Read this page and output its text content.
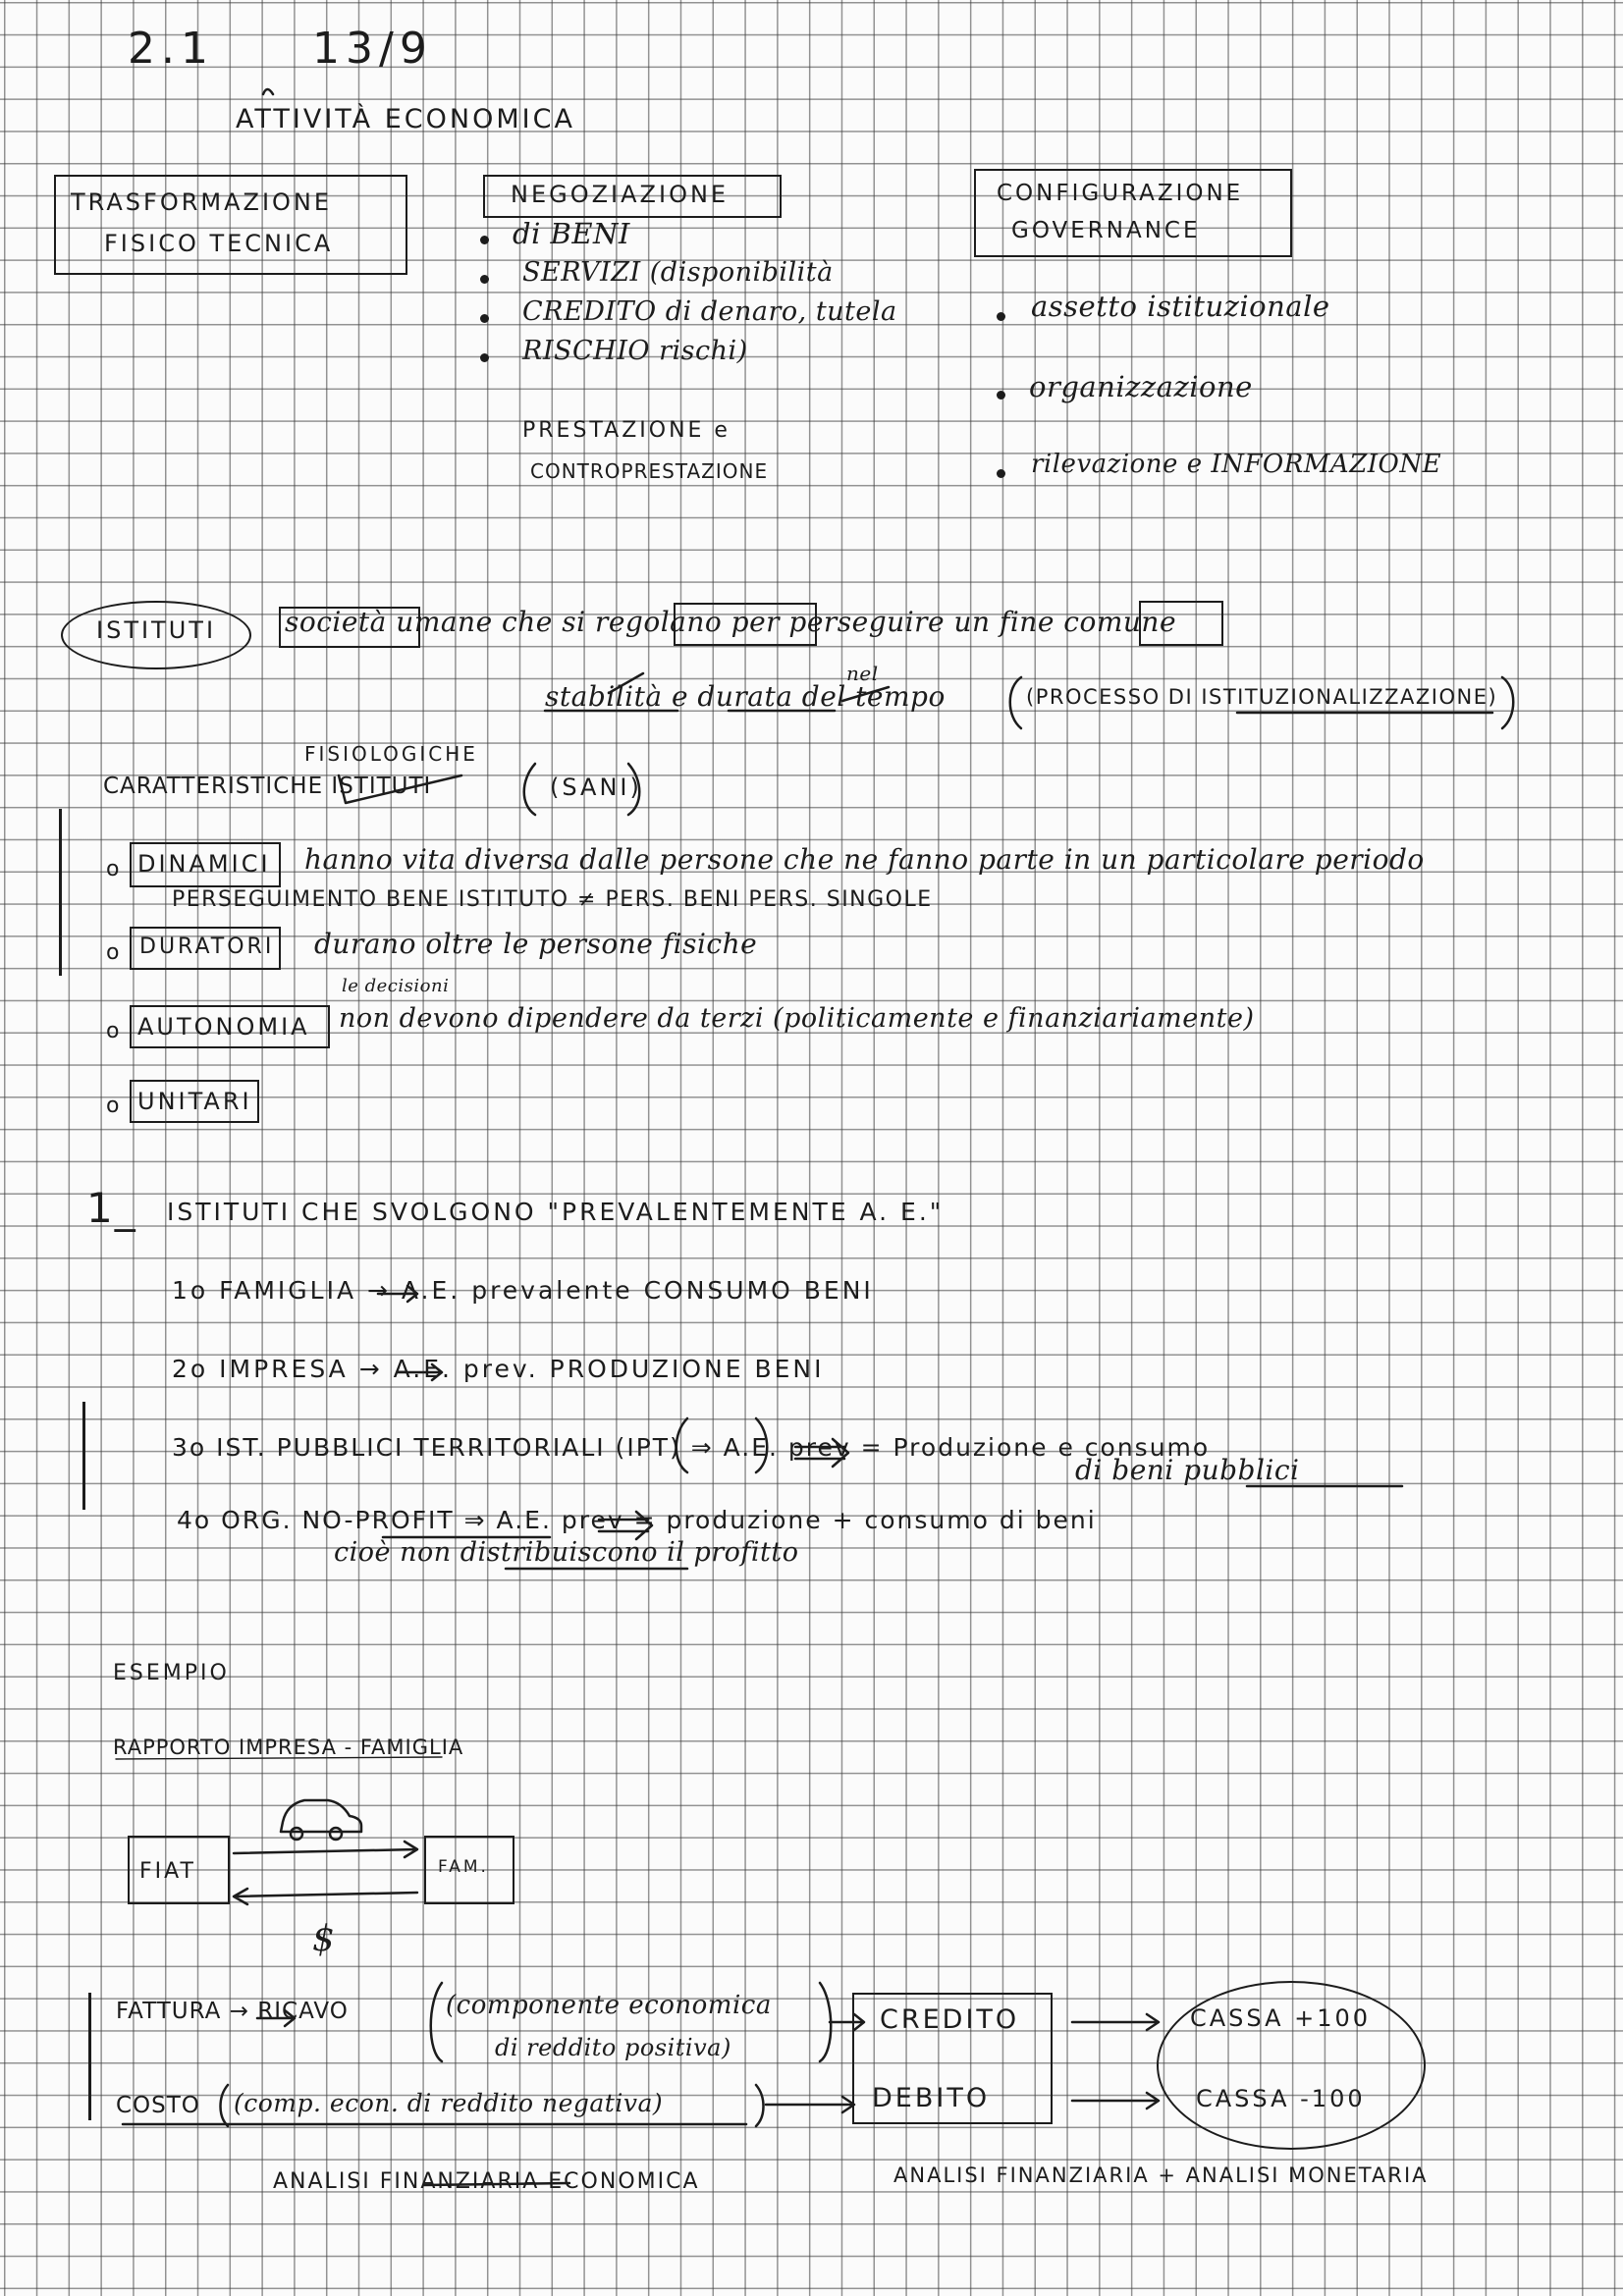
2.1 13/9
ATTIVITÀ ECONOMICA
TRASFORMAZIONE
FISICO TECNICA
NEGOZIAZIONE
di BENI
SERVIZI (disponibilità
CREDITO di denaro, tutela
RISCHIO rischi)
PRESTAZIONE e
CONTROPRESTAZIONE
CONFIGURAZIONE
GOVERNANCE
assetto istituzionale
organizzazione
rilevazione e INFORMAZIONE
ISTITUTI società umane che si regolano per perseguire un fine comune
stabilità e durata del tempo
nel
(PROCESSO DI ISTITUZIONALIZZAZIONE)
FISIOLOGICHE
CARATTERISTICHE ISTITUTI	(SANI)
DINAMICI hanno vita diversa dalle persone che ne fanno parte in un particolare periodo
PERSEGUIMENTO BENE ISTITUTO ≠ PERS. BENI PERS. SINGOLE
DURATORI durano oltre le persone fisiche
le decisioni
AUTONOMIA non devono dipendere da terzi (politicamente e finanziariamente)
UNITARI
o
o
o
o
1_ ISTITUTI CHE SVOLGONO "PREVALENTEMENTE A. E."
1o FAMIGLIA → A.E. prevalente CONSUMO BENI
2o IMPRESA → A.E. prev. PRODUZIONE BENI
3o IST. PUBBLICI TERRITORIALI (IPT) ⇒ A.E. prev = Produzione e consumo
di beni pubblici
4o ORG. NO-PROFIT ⇒ A.E. prev = produzione + consumo di beni
cioè non distribuiscono il profitto
ESEMPIO
RAPPORTO IMPRESA - FAMIGLIA
FIAT	FAM.
$
FATTURA → RICAVO	(componente economica
di reddito positiva)
COSTO (comp. econ. di reddito negativa)
CREDITO
DEBITO
CASSA +100
CASSA -100
ANALISI FINANZIARIA ECONOMICA	ANALISI FINANZIARIA + ANALISI MONETARIA
